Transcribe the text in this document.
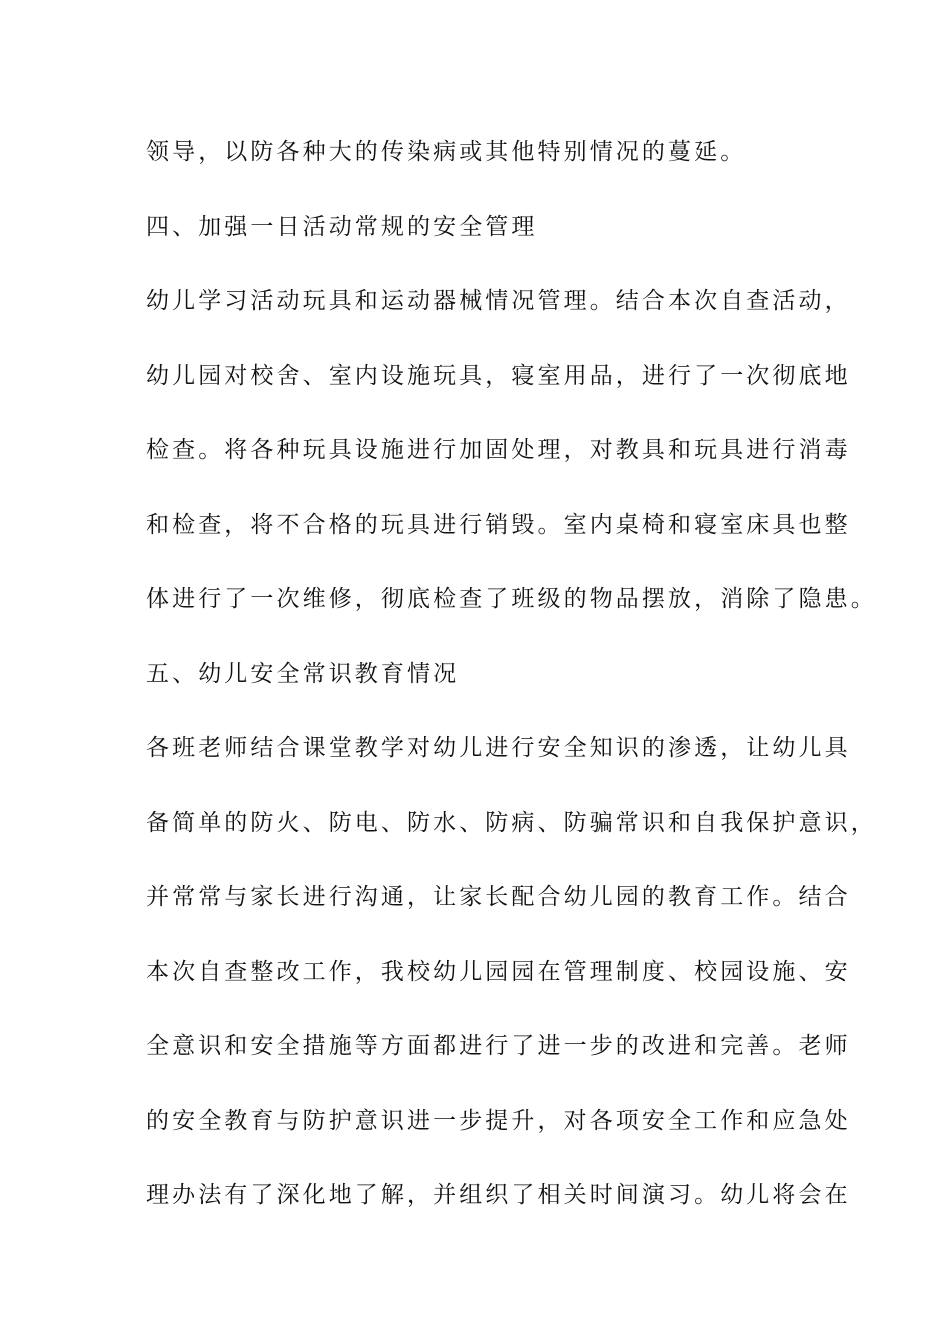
领导，以防各种大的传染病或其他特别情况的蔓延。
四、加强一日活动常规的安全管理
幼儿学习活动玩具和运动器械情况管理。结合本次自查活动，
幼儿园对校舍、室内设施玩具，寝室用品，进行了一次彻底地
检查。将各种玩具设施进行加固处理，对教具和玩具进行消毒
和检查，将不合格的玩具进行销毁。室内桌椅和寝室床具也整
体进行了一次维修，彻底检查了班级的物品摆放，消除了隐患。
五、幼儿安全常识教育情况
各班老师结合课堂教学对幼儿进行安全知识的渗透，让幼儿具
备简单的防火、防电、防水、防病、防骗常识和自我保护意识，
并常常与家长进行沟通，让家长配合幼儿园的教育工作。结合
本次自查整改工作，我校幼儿园园在管理制度、校园设施、安
全意识和安全措施等方面都进行了进一步的改进和完善。老师
的安全教育与防护意识进一步提升，对各项安全工作和应急处
理办法有了深化地了解，并组织了相关时间演习。幼儿将会在
